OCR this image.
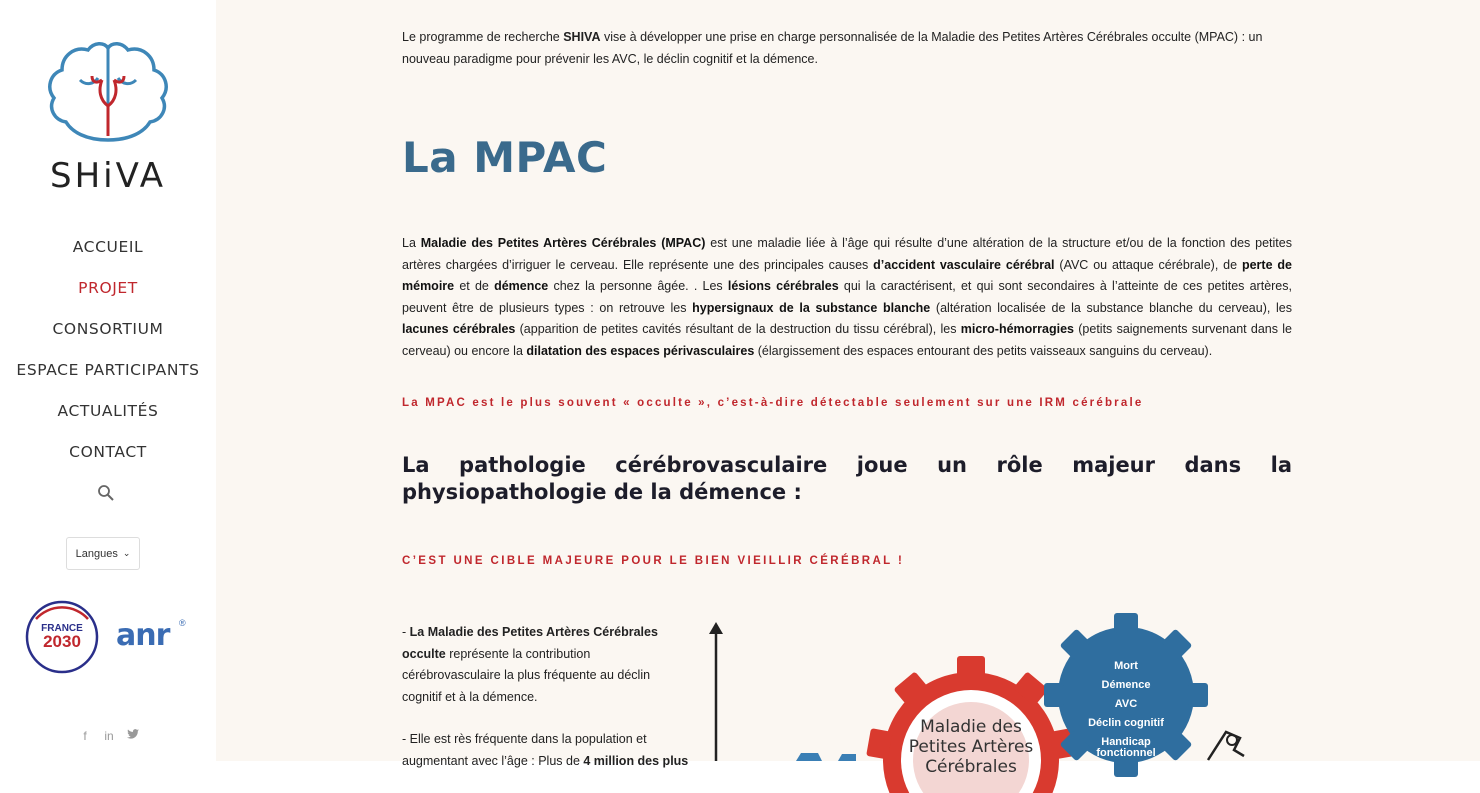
SHiVA
ACCUEIL
PROJET
CONSORTIUM
ESPACE PARTICIPANTS
ACTUALITÉS
CONTACT
Langues ⌄
FRANCE
2030 anr ®
f	in

Le programme de recherche SHIVA vise à développer une prise en charge personnalisée de la Maladie des Petites Artères Cérébrales occulte (MPAC) : un nouveau paradigme pour prévenir les AVC, le déclin cognitif et la démence.

La MPAC

La Maladie des Petites Artères Cérébrales (MPAC) est une maladie liée à l’âge qui résulte d’une altération de la structure et/ou de la fonction des petites artères chargées d’irriguer le cerveau. Elle représente une des principales causes d’accident vasculaire cérébral (AVC ou attaque cérébrale), de perte de mémoire et de démence chez la personne âgée. . Les lésions cérébrales qui la caractérisent, et qui sont secondaires à l’atteinte de ces petites artères, peuvent être de plusieurs types : on retrouve les hypersignaux de la substance blanche (altération localisée de la substance blanche du cerveau), les lacunes cérébrales (apparition de petites cavités résultant de la destruction du tissu cérébral), les micro-hémorragies (petits saignements survenant dans le cerveau) ou encore la dilatation des espaces périvasculaires (élargissement des espaces entourant des petits vaisseaux sanguins du cerveau).

La MPAC est le plus souvent « occulte », c’est-à-dire détectable seulement sur une IRM cérébrale

La pathologie cérébrovasculaire joue un rôle majeur dans la physiopathologie de la démence :

C’EST UNE CIBLE MAJEURE POUR LE BIEN VIEILLIR CÉRÉBRAL !

- La Maladie des Petites Artères Cérébrales occulte représente la contribution cérébrovasculaire la plus fréquente au déclin cognitif et à la démence.

- Elle est rès fréquente dans la population et augmentant avec l’âge : Plus de 4 million des plus

Maladie des
Petites Artères
Cérébrales
Mort
Démence
AVC
Déclin cognitif
Handicap
fonctionnel
